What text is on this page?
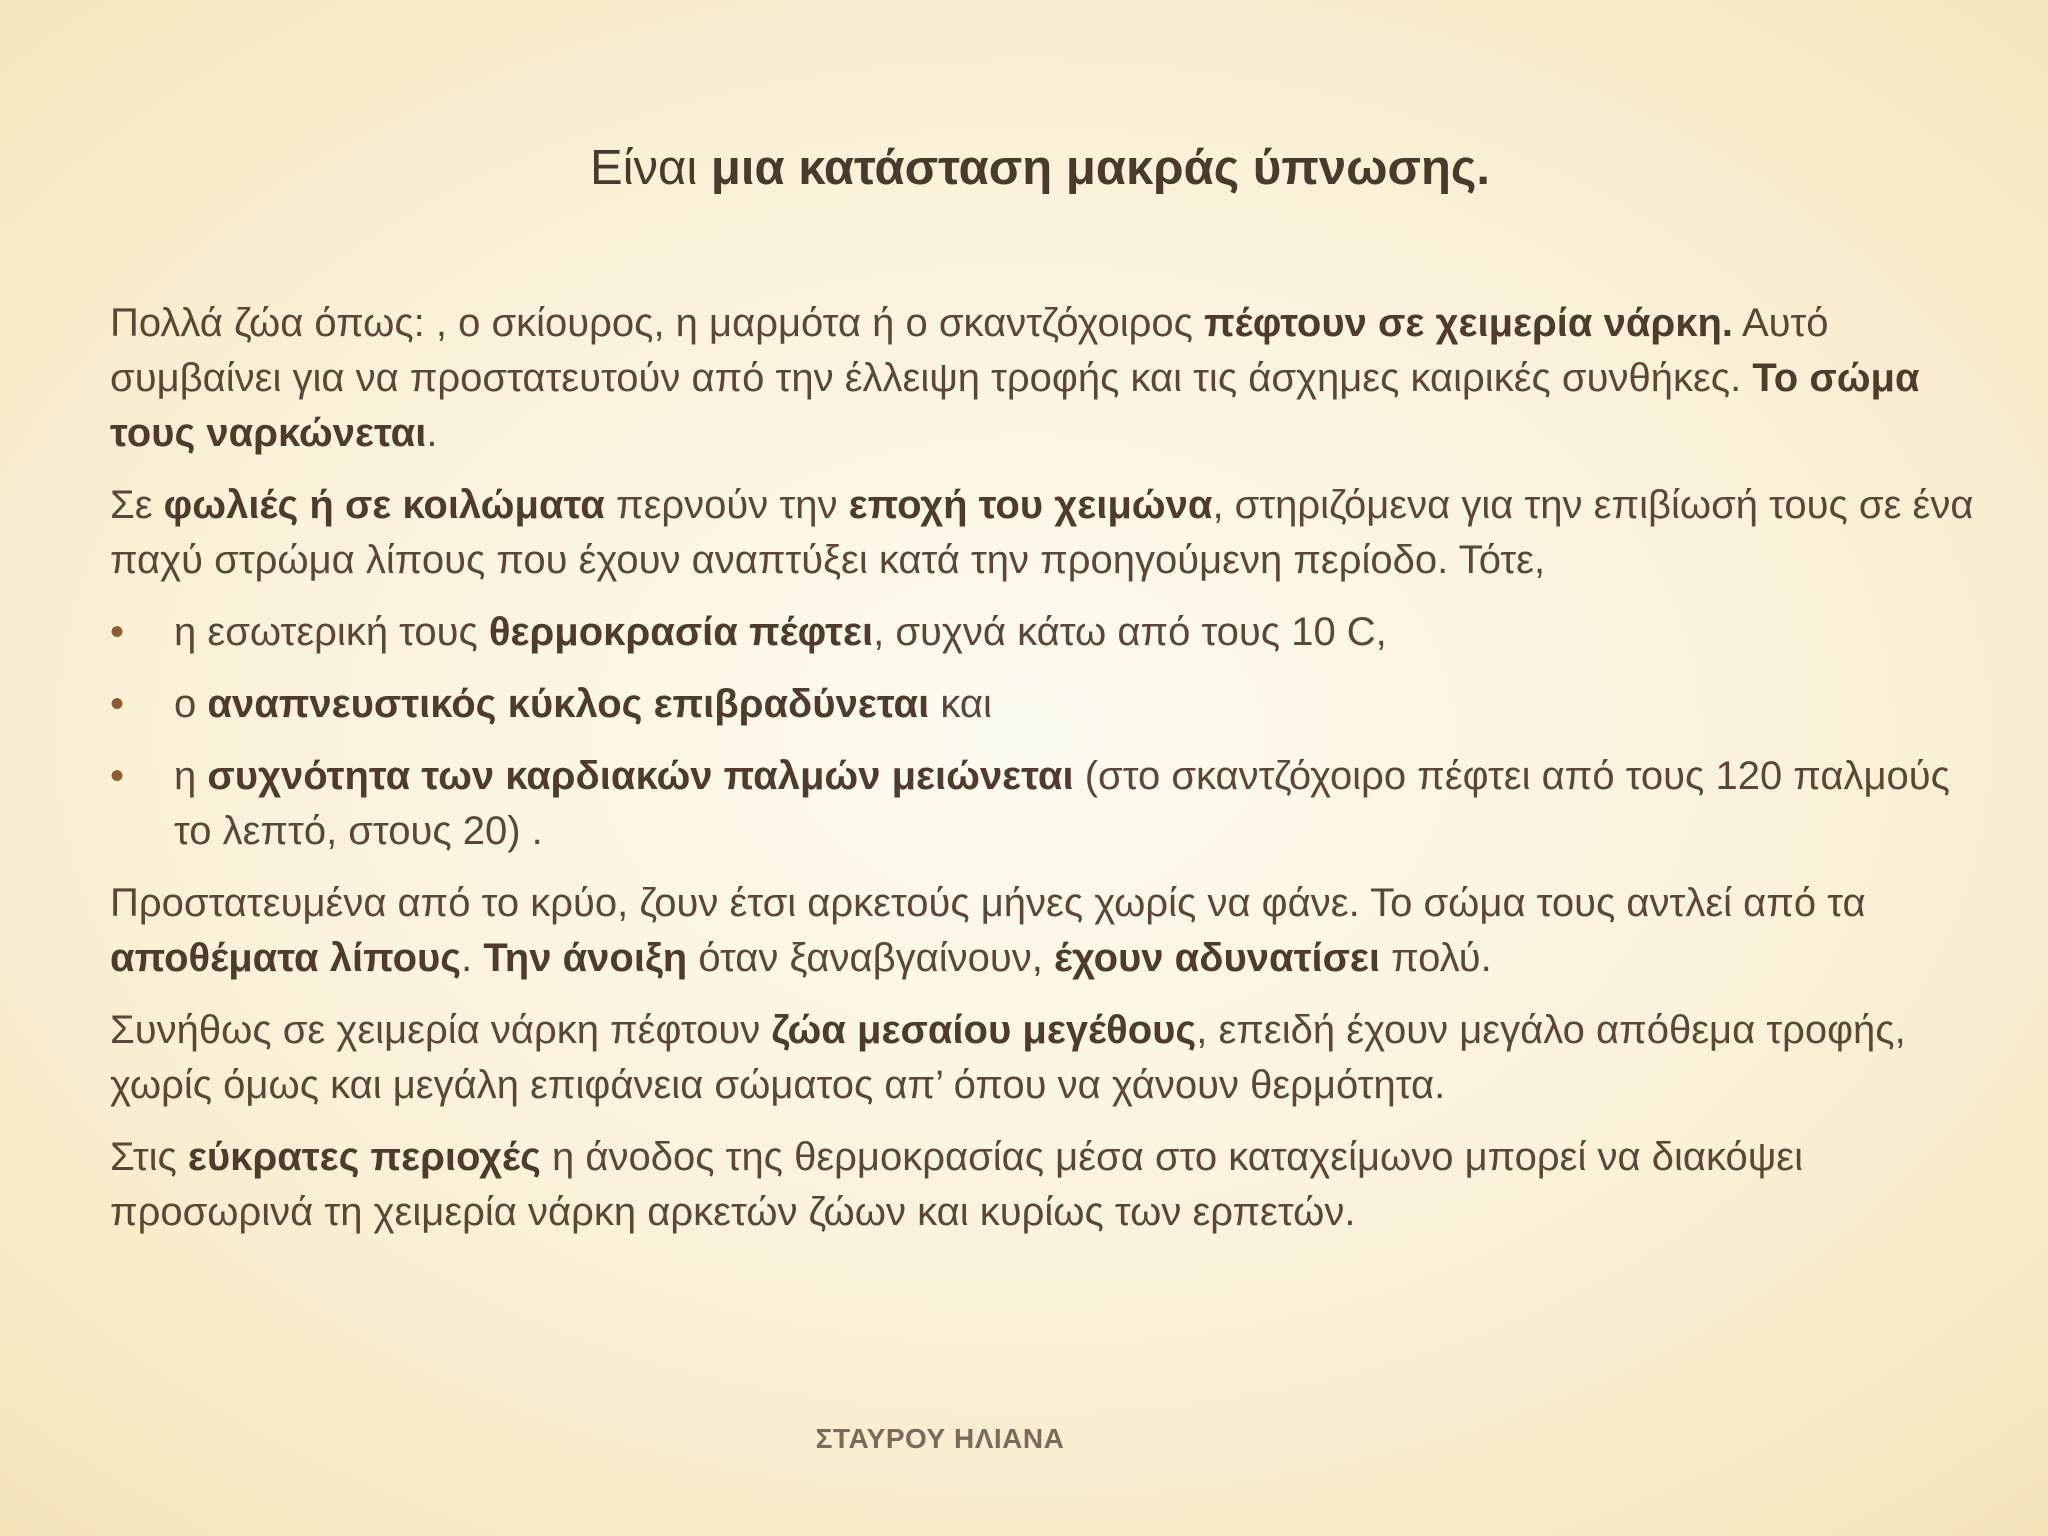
Είναι μια κατάσταση μακράς ύπνωσης.

Πολλά ζώα όπως: , ο σκίουρος, η μαρμότα ή ο σκαντζόχοιρος πέφτουν σε χειμερία νάρκη. Αυτό συμβαίνει για να προστατευτούν από την έλλειψη τροφής και τις άσχημες καιρικές συνθήκες. Το σώμα τους ναρκώνεται.

Σε φωλιές ή σε κοιλώματα περνούν την εποχή του χειμώνα, στηριζόμενα για την επιβίωσή τους σε ένα παχύ στρώμα λίπους που έχουν αναπτύξει κατά την προηγούμενη περίοδο. Τότε,

• η εσωτερική τους θερμοκρασία πέφτει, συχνά κάτω από τους 10 C,
• ο αναπνευστικός κύκλος επιβραδύνεται και
• η συχνότητα των καρδιακών παλμών μειώνεται (στο σκαντζόχοιρο πέφτει από τους 120 παλμούς το λεπτό, στους 20) .

Προστατευμένα από το κρύο, ζουν έτσι αρκετούς μήνες χωρίς να φάνε. Το σώμα τους αντλεί από τα αποθέματα λίπους. Την άνοιξη όταν ξαναβγαίνουν, έχουν αδυνατίσει πολύ.

Συνήθως σε χειμερία νάρκη πέφτουν ζώα μεσαίου μεγέθους, επειδή έχουν μεγάλο απόθεμα τροφής, χωρίς όμως και μεγάλη επιφάνεια σώματος απ’ όπου να χάνουν θερμότητα.

Στις εύκρατες περιοχές η άνοδος της θερμοκρασίας μέσα στο καταχείμωνο μπορεί να διακόψει προσωρινά τη χειμερία νάρκη αρκετών ζώων και κυρίως των ερπετών.

ΣΤΑΥΡΟΥ ΗΛΙΑΝΑ
